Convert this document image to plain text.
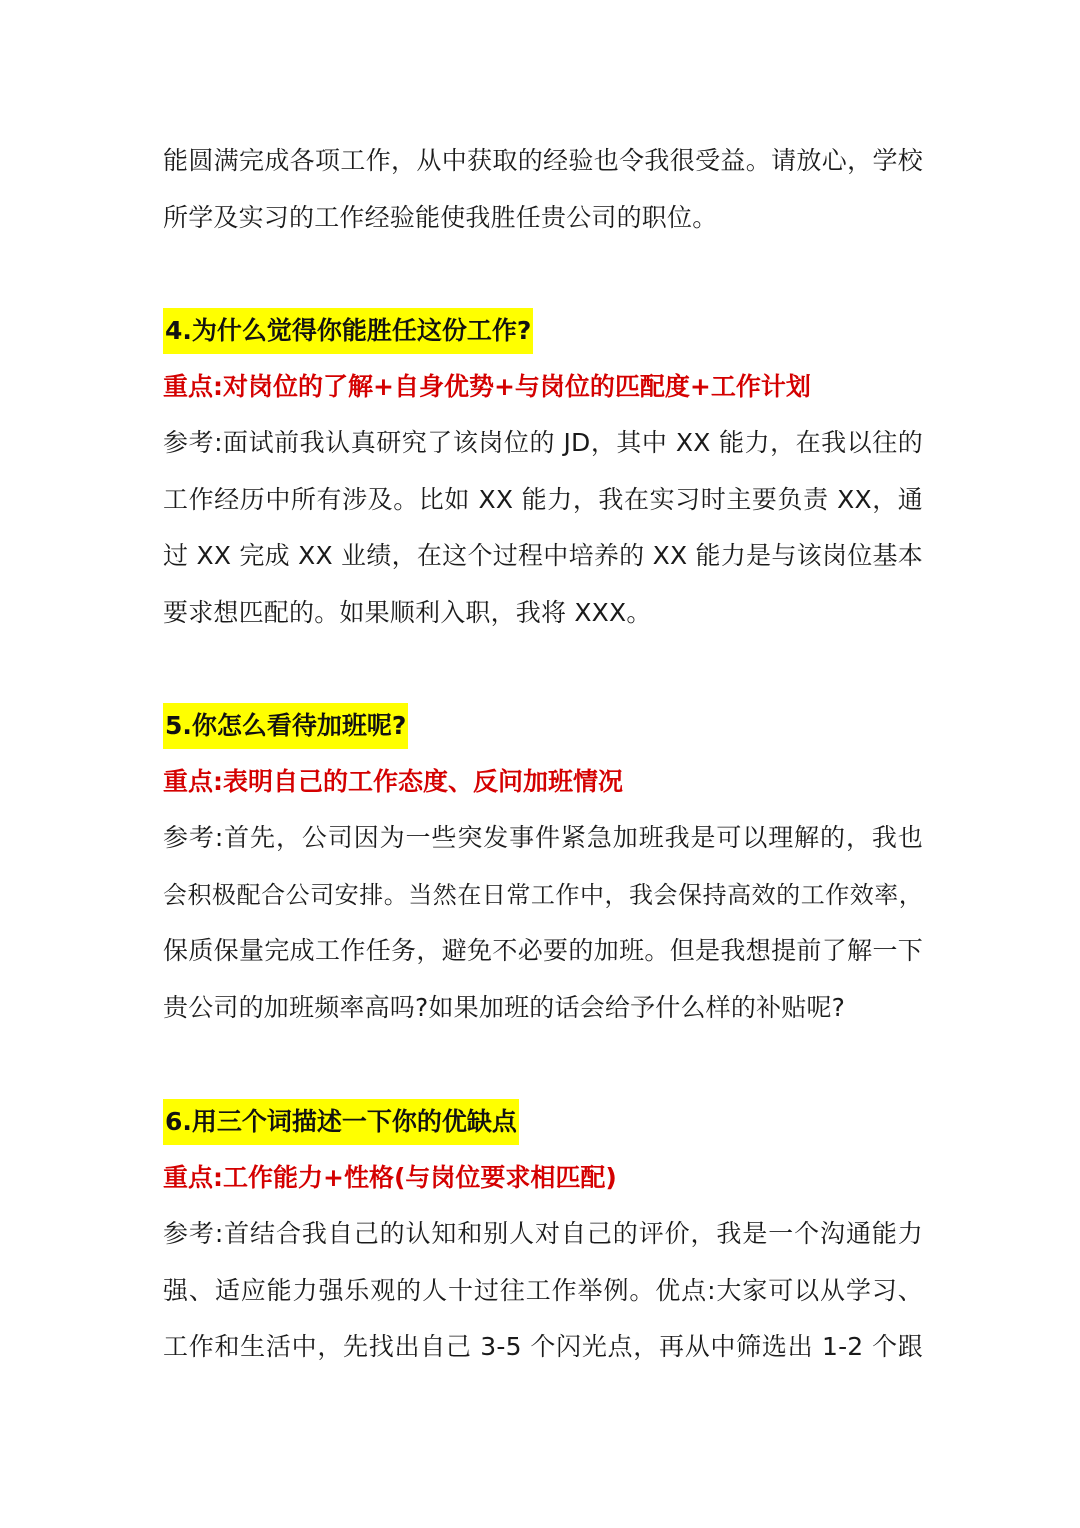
能圆满完成各项工作，从中获取的经验也令我很受益。请放心，学校
所学及实习的工作经验能使我胜任贵公司的职位。
4.为什么觉得你能胜任这份工作?
重点:对岗位的了解+自身优势+与岗位的匹配度+工作计划
参考:面试前我认真研究了该岗位的 JD，其中 XX 能力，在我以往的
工作经历中所有涉及。比如 XX 能力，我在实习时主要负责 XX，通
过 XX 完成 XX 业绩，在这个过程中培养的 XX 能力是与该岗位基本
要求想匹配的。如果顺利入职，我将 XXX。
5.你怎么看待加班呢?
重点:表明自己的工作态度、反问加班情况
参考:首先，公司因为一些突发事件紧急加班我是可以理解的，我也
会积极配合公司安排。当然在日常工作中，我会保持高效的工作效率，
保质保量完成工作任务，避免不必要的加班。但是我想提前了解一下
贵公司的加班频率高吗?如果加班的话会给予什么样的补贴呢?
6.用三个词描述一下你的优缺点
重点:工作能力+性格(与岗位要求相匹配)
参考:首结合我自己的认知和别人对自己的评价，我是一个沟通能力
强、适应能力强乐观的人十过往工作举例。优点:大家可以从学习、
工作和生活中，先找出自己 3-5 个闪光点，再从中筛选出 1-2 个跟
